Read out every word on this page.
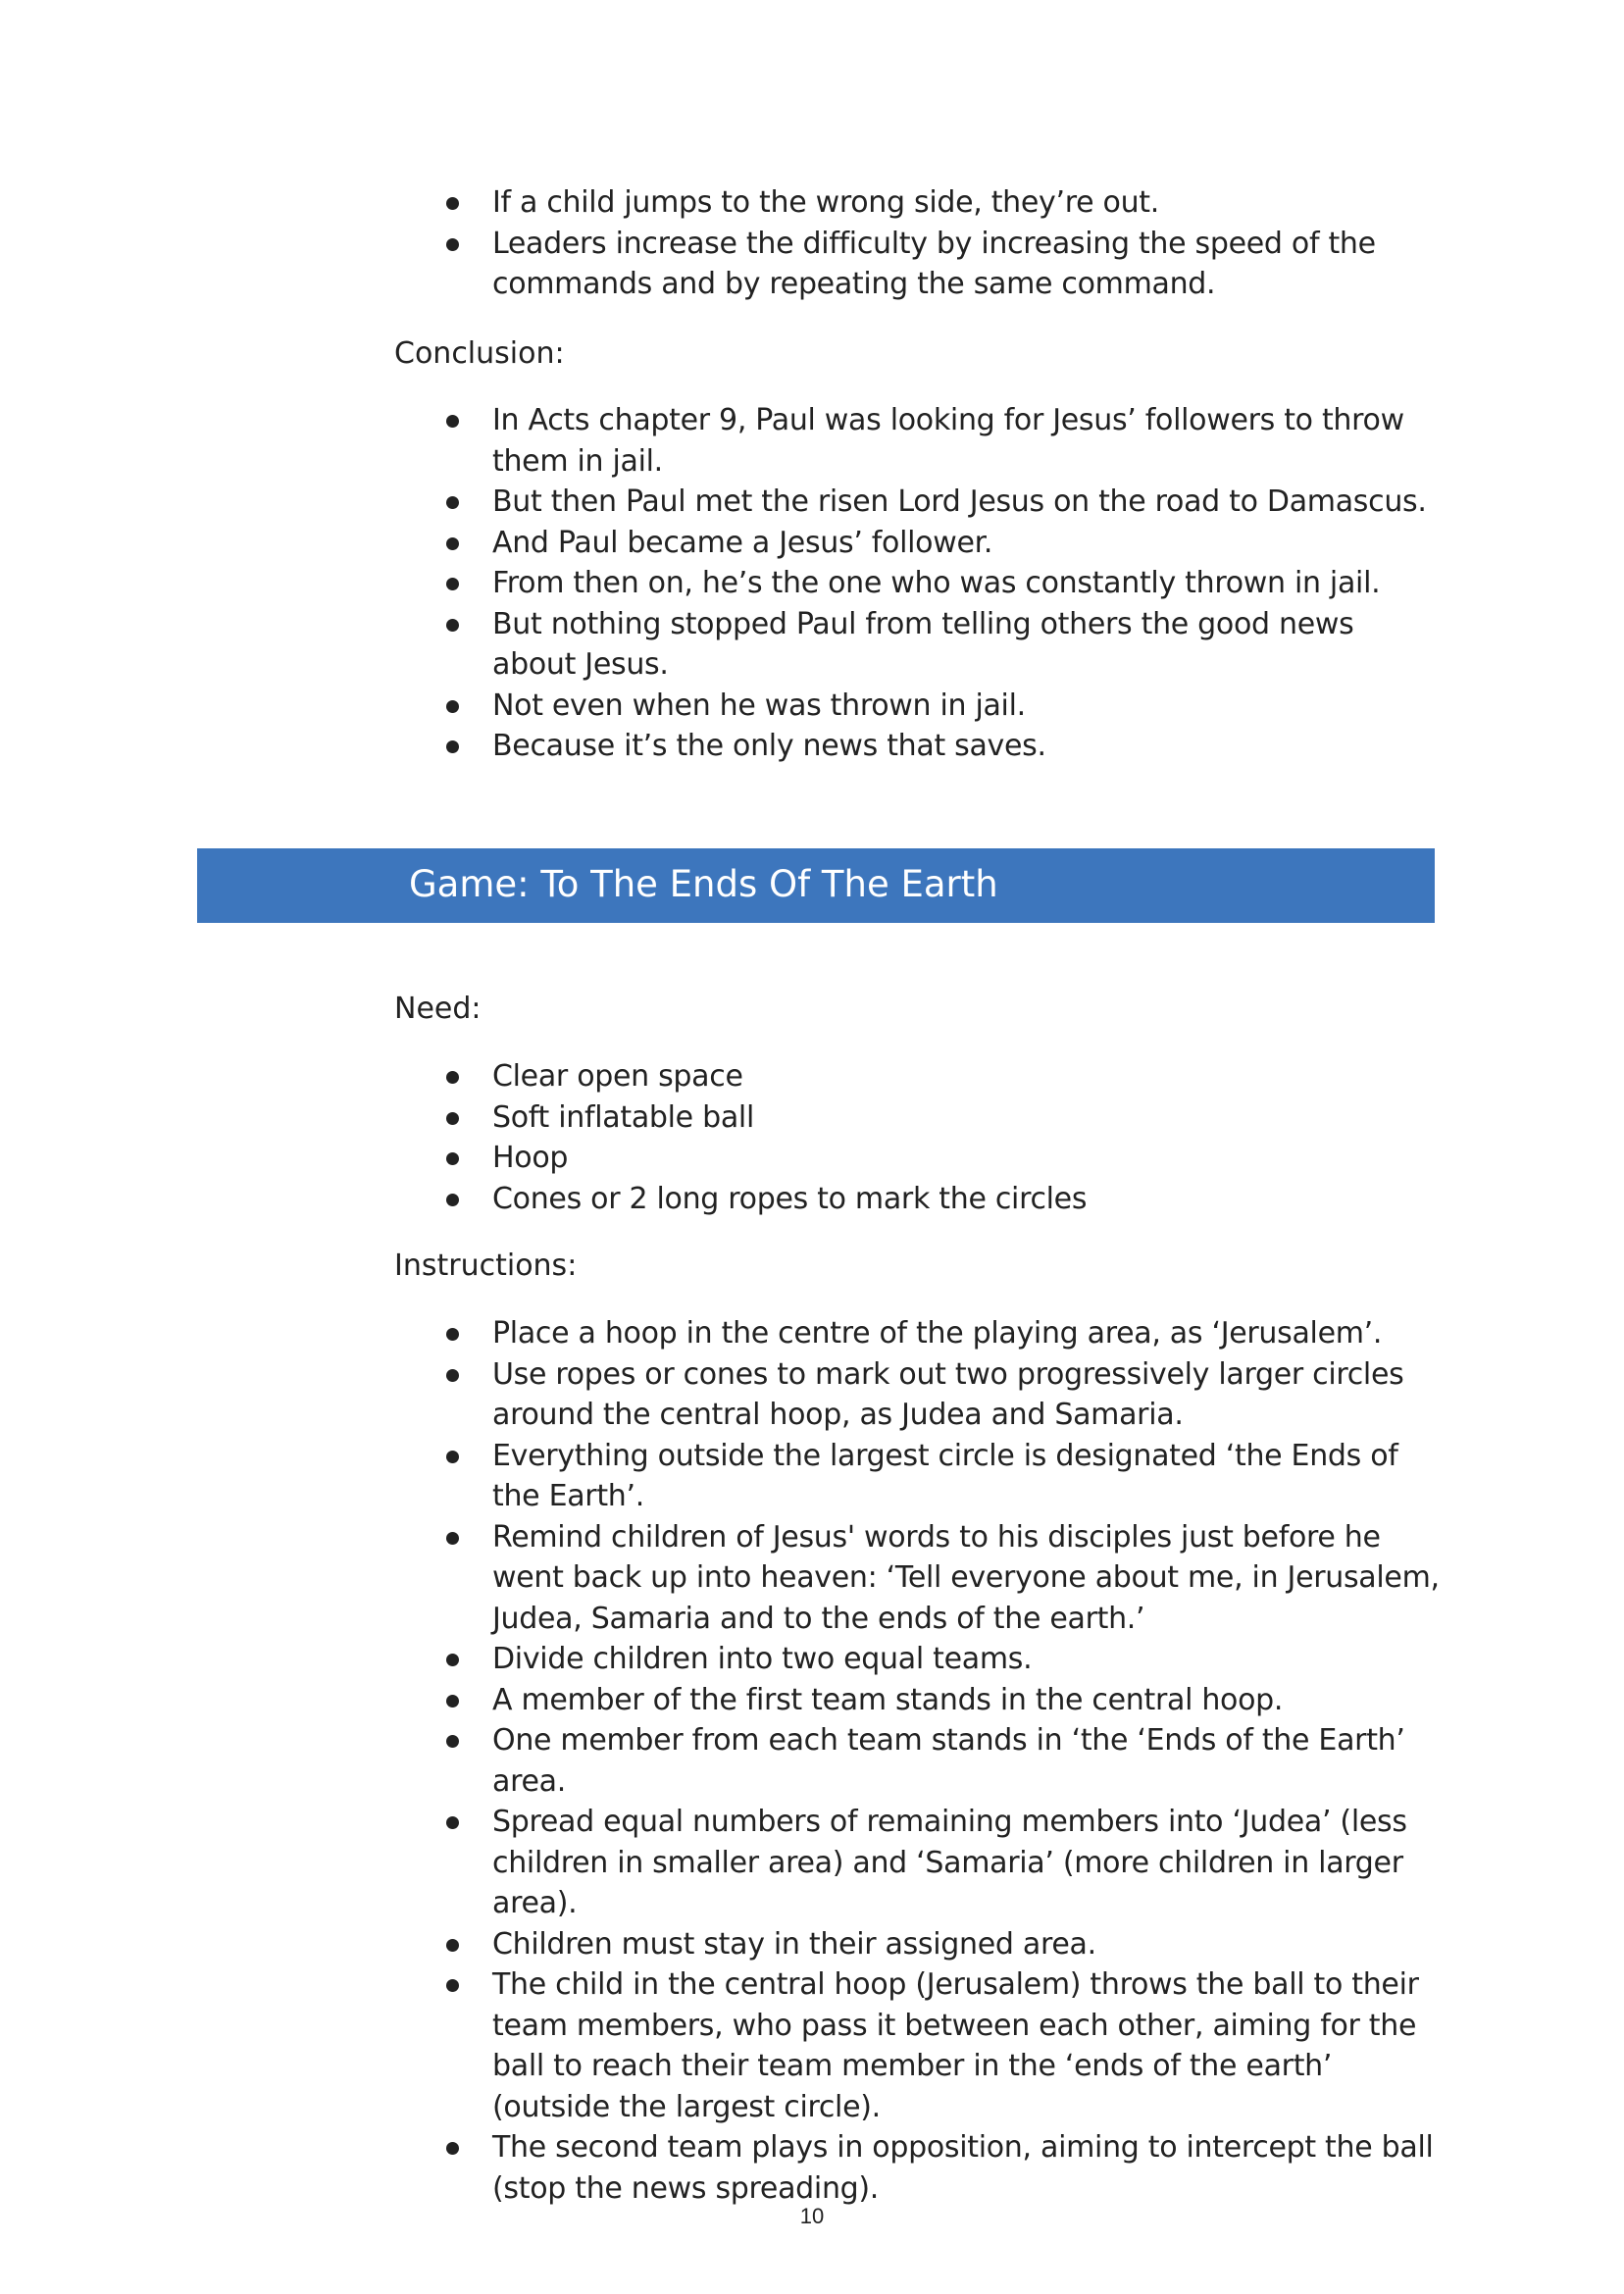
If a child jumps to the wrong side, they’re out.
Leaders increase the difficulty by increasing the speed of the commands and by repeating the same command.

Conclusion:

In Acts chapter 9, Paul was looking for Jesus’ followers to throw them in jail.
But then Paul met the risen Lord Jesus on the road to Damascus.
And Paul became a Jesus’ follower.
From then on, he’s the one who was constantly thrown in jail.
But nothing stopped Paul from telling others the good news about Jesus.
Not even when he was thrown in jail.
Because it’s the only news that saves.
Game: To The Ends Of The Earth

Need:

Clear open space
Soft inflatable ball
Hoop
Cones or 2 long ropes to mark the circles

Instructions:

Place a hoop in the centre of the playing area, as ‘Jerusalem’.
Use ropes or cones to mark out two progressively larger circles around the central hoop, as Judea and Samaria.
Everything outside the largest circle is designated ‘the Ends of the Earth’.
Remind children of Jesus' words to his disciples just before he went back up into heaven: ‘Tell everyone about me, in Jerusalem, Judea, Samaria and to the ends of the earth.’
Divide children into two equal teams.
A member of the first team stands in the central hoop.
One member from each team stands in ‘the ‘Ends of the Earth’ area.
Spread equal numbers of remaining members into ‘Judea’ (less children in smaller area) and ‘Samaria’ (more children in larger area).
Children must stay in their assigned area.
The child in the central hoop (Jerusalem) throws the ball to their team members, who pass it between each other, aiming for the ball to reach their team member in the ‘ends of the earth’ (outside the largest circle).
The second team plays in opposition, aiming to intercept the ball (stop the news spreading).
10
